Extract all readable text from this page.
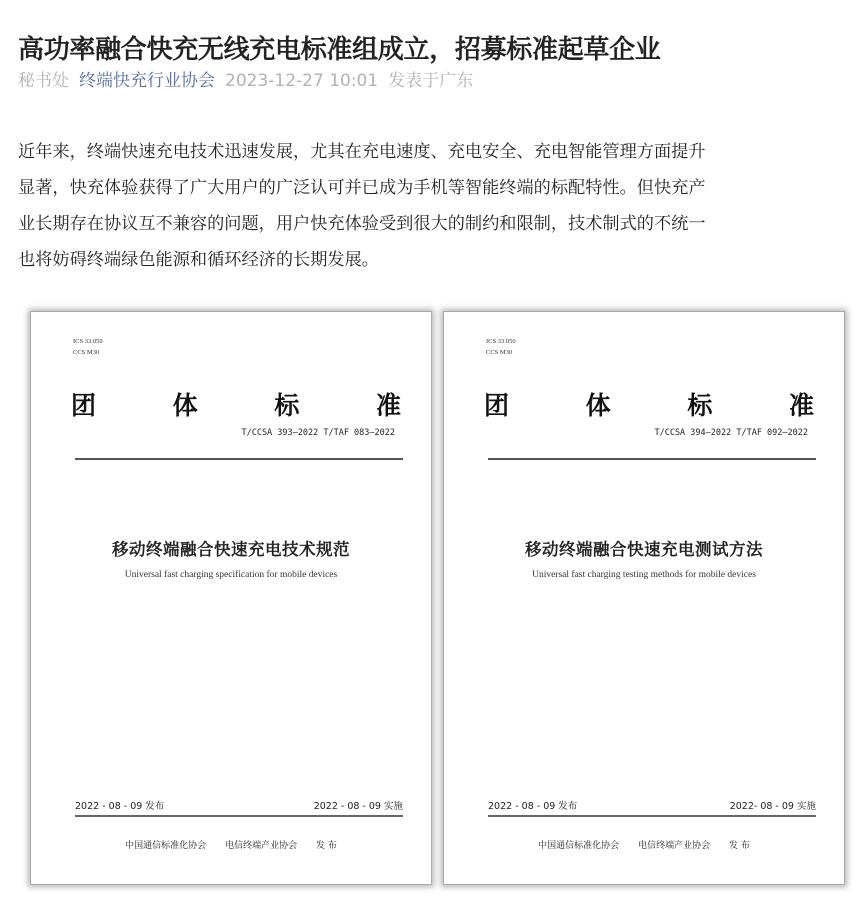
高功率融合快充无线充电标准组成立，招募标准起草企业
秘书处 终端快充行业协会 2023-12-27 10:01 发表于广东
近年来，终端快速充电技术迅速发展，尤其在充电速度、充电安全、充电智能管理方面提升
显著，快充体验获得了广大用户的广泛认可并已成为手机等智能终端的标配特性。但快充产
业长期存在协议互不兼容的问题，用户快充体验受到很大的制约和限制，技术制式的不统一
也将妨碍终端绿色能源和循环经济的长期发展。
ICS 33.050
CCS M30
团	体	标	准
T/CCSA 393—2022 T/TAF 083—2022
移动终端融合快速充电技术规范
Universal fast charging specification for mobile devices
2022 - 08 - 09 发布	2022 - 08 - 09 实施
中国通信标准化协会 电信终端产业协会 发 布
ICS 33.050
CCS M30
团	体	标	准
T/CCSA 394—2022 T/TAF 092—2022
移动终端融合快速充电测试方法
Universal fast charging testing methods for mobile devices
2022 - 08 - 09 发布	2022- 08 - 09 实施
中国通信标准化协会 电信终端产业协会 发 布
